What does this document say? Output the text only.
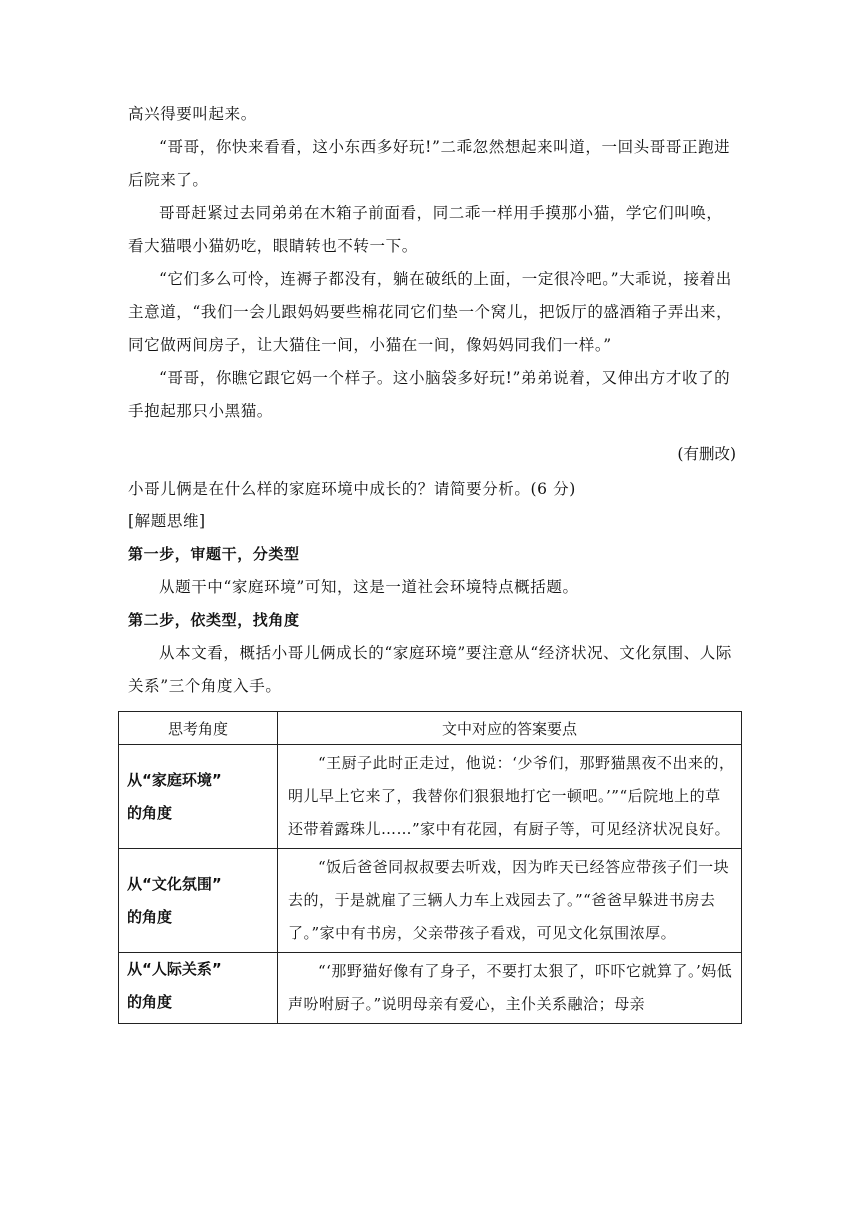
高兴得要叫起来。

“哥哥，你快来看看，这小东西多好玩!”二乖忽然想起来叫道，一回头哥哥正跑进后院来了。

哥哥赶紧过去同弟弟在木箱子前面看，同二乖一样用手摸那小猫，学它们叫唤，看大猫喂小猫奶吃，眼睛转也不转一下。

“它们多么可怜，连褥子都没有，躺在破纸的上面，一定很冷吧。”大乖说，接着出主意道，“我们一会儿跟妈妈要些棉花同它们垫一个窝儿，把饭厅的盛酒箱子弄出来，同它做两间房子，让大猫住一间，小猫在一间，像妈妈同我们一样。”

“哥哥，你瞧它跟它妈一个样子。这小脑袋多好玩!”弟弟说着，又伸出方才收了的手抱起那只小黑猫。

(有删改)

小哥儿俩是在什么样的家庭环境中成长的？请简要分析。(6 分)

[解题思维]

第一步，审题干，分类型

从题干中“家庭环境”可知，这是一道社会环境特点概括题。

第二步，依类型，找角度

从本文看，概括小哥儿俩成长的“家庭环境”要注意从“经济状况、文化氛围、人际关系”三个角度入手。

思考角度	文中对应的答案要点

从“家庭环境”
的角度	“王厨子此时正走过，他说：‘少爷们，那野猫黑夜不出来的，明儿早上它来了，我替你们狠狠地打它一顿吧。’”“后院地上的草还带着露珠儿……”家中有花园，有厨子等，可见经济状况良好。

从“文化氛围”
的角度	“饭后爸爸同叔叔要去听戏，因为昨天已经答应带孩子们一块去的，于是就雇了三辆人力车上戏园去了。”“爸爸早躲进书房去了。”家中有书房，父亲带孩子看戏，可见文化氛围浓厚。

从“人际关系”
的角度	“‘那野猫好像有了身子，不要打太狠了，吓吓它就算了。’妈低声吩咐厨子。”说明母亲有爱心，主仆关系融洽；母亲
